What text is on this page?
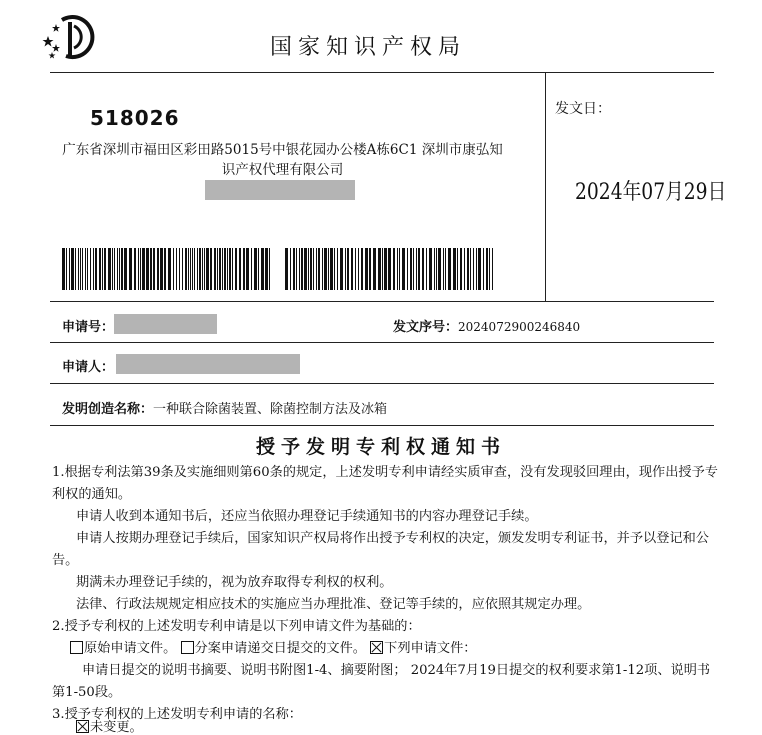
国家知识产权局
518026
广东省深圳市福田区彩田路5015号中银花园办公楼A栋6C1 深圳市康弘知识产权代理有限公司
发文日：
2024年07月29日
申请号：	发文序号：2024072900246840
申请人：
发明创造名称：一种联合除菌装置、除菌控制方法及冰箱
授予发明专利权通知书
1.根据专利法第39条及实施细则第60条的规定，上述发明专利申请经实质审查，没有发现驳回理由，现作出授予专利权的通知。
申请人收到本通知书后，还应当依照办理登记手续通知书的内容办理登记手续。
申请人按期办理登记手续后，国家知识产权局将作出授予专利权的决定，颁发发明专利证书，并予以登记和公告。
期满未办理登记手续的，视为放弃取得专利权的权利。
法律、行政法规规定相应技术的实施应当办理批准、登记等手续的，应依照其规定办理。
2.授予专利权的上述发明专利申请是以下列申请文件为基础的：
原始申请文件。 分案申请递交日提交的文件。 下列申请文件：
申请日提交的说明书摘要、说明书附图1-4、摘要附图； 2024年7月19日提交的权利要求第1-12项、说明书第1-50段。
3.授予专利权的上述发明专利申请的名称：
未变更。
